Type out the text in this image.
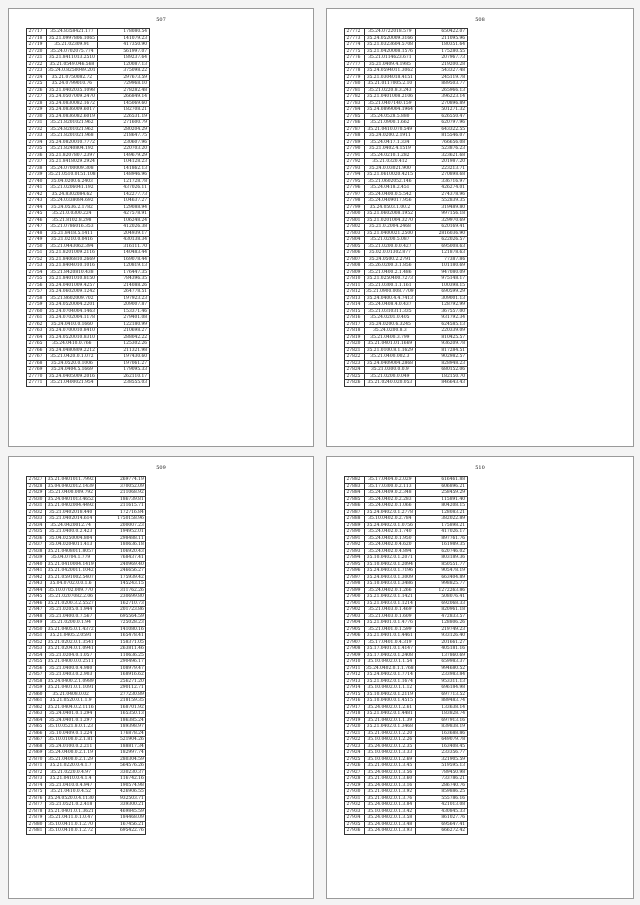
507
27717	35.24.8358421.177	178080.54
27718	35.21.0997806.1065	141079.23
27719	35.21.02309.91	417350.90
27720	35.24.0702075.774	561997.07
27721	35.21.8411013.2510	189237.64
27722	35.21.0549.046.568	120087.13
27723	35.24.0.8250049.201	375098.22
27724	35.21.0750082.72	297673.59
27725	35.24.0799010.76	729968.10
27726	35.21.0402035.1098	278282.48
27727	35.24.0507009.2470	266849.14
27728	35.24.0830082.1672	145069.60
27729	35.24.0836009.6017	182708.21
27730	35.24.0836082.6019	226531.19
27731	35.21.8201021.962	271600.79
27732	35.24.8201021.962	280204.29
27733	35.21.8201021.968	218647.75
27734	35.24.0820010.7772	230607.96
27735	35.21.8240804.192	220703.20
27736	35.21.8207807.2397	149679.29
27737	35.21.8418029.2924	104128.23
27738	35.24.0700009.308	141862.13
27739	35.21.0510.0151.108	148946.96
27740	35.04.0200.6.2403	121728.78
27741	35.21.0206041.192	437026.11
27742	35.24.8302084.62	142277.73
27743	35.24.0338084.692	104637.27
27744	35.24.0536.2.1782	129088.94
27745	35.21.0.0300.224	427578.91
27746	35.21.8102.8.298	106248.24
27747	35.21.0786016.353	412026.38
27748	35.21.8418.5.1411	204939.17
27749	35.21.0210.0.0416	430138.34
27750	35.21.0443062.394	316111.70
27751	35.21.8201009.2116	140483.44
27752	35.21.8406810.2669	169078.44
27753	35.21.8404010.1016	120819.13
27754	35.21.8420810.438	176447.35
27755	35.21.8401010.8150	784396.35
27756	35.24.0401009.4257	214088.26
27757	35.24.0602009.1242	264778.51
27758	35.21.8602009.702	197923.23
27759	35.24.0520004.2201	209007.87
27760	35.24.0704004.1463	153371.46
27761	35.24.0702004.1178	279401.08
27762	35.24.0410.0.1660	122180.99
27763	35.24.0700010.8410	210698.27
27764	35.24.0520010.8310	288042.22
27765	35.24.0410.0.766	125302.26
27766	35.24.0480809.2212	211321.98
27767	35.21.0420.0.1.072	197430.60
27768	35.24.0520.0.1006	197061.27
27769	35.24.0404.5.1669	179095.33
27770	35.24.0405009.2016	262110.17
27771	35.21.0400021.954	238555.03
508
27772	35.24.0722018.579	650422.07
27773	35.24.0520009.3166	211095.96
27774	35.21.0323604.5708	180351.64
27775	35.21.0420008.1576	175280.55
27776	35.21.0114623.671	207967.73
27777	35.21.0409.4.1985	219200.28
27778	35.24.0594011.3062	543327.48
27779	35.21.0304018.4151	245119.78
27780	35.21.0117005.2.10	889503.77
27781	35.21.0220.8.3.243	265966.13
27782	35.21.0401008.2106	396223.14
27783	35.21.0407140.159	270896.89
27784	35.24.0899004.1964	501271.32
27785	35.24.0528.5.880	626550.47
27786	35.21.0900.1.662	620797.96
27787	35.21.0410.070.549	643322.55
27788	35.24.0200.2.1911	815546.07
27789	35.24.0417.1.334	766656.08
27790	35.21.0402.4.1519	523876.23
27791	35.24.0210.1.282	323621.68
27792	35.21.0320.412	201987.20
27793	35.24.0.03021.900	223213.71
27794	35.21.0610020.4215	270898.68
27795	35.21.0602052.146	336716.97
27796	35.24.0418.2.451	426274.01
27797	35.24.0400.0.5.542	274378.96
27798	35.24.0409017.956	552839.35
27799	35.24.0503.1.00.2	319489.80
27800	35.21.0602008.1952	997156.18
27801	35.21.0201004.3270	329970.69
27802	35.21.0.2004.2468	620169.41
27803	35.21.0400021.2500	2816036.90
27804	35.21.0200.5.087	622026.57
27805	35.21.0200.0.0.427	695008.63
27806	35.02.0.01302.877	121878.63
27807	35.24.0500.2.2791	77387.86
27808	35.26.0200.3.1.856	101180.69
27809	35.21.0400.2.1.486	947080.09
27810	35.21.0250400.7273	975148.17
27811	35.21.0300.1.1.161	100398.15
27812	35.21.0900.008.7709	690599.29
27813	35.24.0400.4.4.7413	309001.13
27814	35.24.0408.4.0.437	128792.99
27815	35.21.0310311.335	367557.00
27816	35.24.0201.0.405	931792.34
27817	35.24.0200.6.3245	624585.13
27818	35.24.0200.8.3	220339.09
27819	35.21.0400.3.799	810425.57
27820	35.21.0401.01.1669	936209.78
27821	35.21.0100.8.1.1629	817284.51
27822	35.21.0400.002.3	902982.57
27823	35.24.0409004.2868	828948.23
27824	35.21.0300.0.0.9	680152.06
27825	35.21.0200.0.049	182150.70
27826	35.21.0240.020.053	846643.43
509
27827	35.21.0401011.7992	269774.19
27828	35.04.0402012.1439	370052.09
27829	35.21.0400.009.792	211068.92
27830	35.24.0401013.4652	186739.81
27831	35.21.0402004.4492	211615.71
27832	35.21.0402018.440	172716.84
27833	35.21.0402014.614	1750158.96
27834	35.24.0420012.74	200007.23
27835	35.21.0400.0.2.423	194952.01
27836	35.04.0250004.804	298488.11
27837	35.04.0204011.413	180636.18
27838	35.21.0408011.8057	106920.43
27839	35.04.0704.1.779	768437.41
27840	35.21.0410004.1419	240969.40
27841	35.21.0420011.1042	246656.27
27842	35.21.0591002.5407	175939.42
27843	35.04.0702.0.0.1.6	145243.15
27844	35.10.0702.009.770	311762.26
27845	35.21.0207082.2.06	230699.80
27846	35.21.0200.3.2.5527	162710.73
27847	35.21.0205.0.1.944	201723.86
27848	35.21.0400.0.7.567	695564.59
27849	35.21.0200.0.1.94	725028.23
27850	35.21.0405.0.1.4372	141080.16
27851	35.21.0405.2.0591	165478.41
27852	35.21.0202.0.1.3541	158371.05
27853	35.21.0204.0.1.0941	263811.46
27854	35.21.0204.0.1.057	110636.25
27855	35.21.0400.0.0.2511	290496.17
27856	35.21.0400.0.4.980	108979.47
27857	35.21.0403.0.2.903	168916.62
27858	35.24.0400.2.1.0989	256271.20
27859	35.21.0401.0.1.1091	290112.71
27860	35.21.0408.0.02	277230.89
27861	35.21.0520.0.1.1.9	218159.35
27862	35.21.0404.0.2.1116	168701.92
27863	35.24.0401.0.1.294	165350.13
27864	35.24.0401.0.1.297	186385.24
27865	35.10.0521.8.0.1.23	189398.97
27866	35.10.0409.0.1.224	176878.24
27867	35.10.0100.0.2.1.81	521904.26
27868	35.24.0100.0.2.211	188817.34
27869	35.24.0400.0.2.1.19	182997.74
27870	35.21.0400.0.2.1.29	280304.59
27871	35.21.0220.0.4.1.7	564576.26
27872	35.21.0220.0.4.97	330230.37
27873	35.21.0410.0.4.1.4	116742.16
27874	35.21.0410.0.4.947	190574.98
27875	35.21.0410.0.4.52	426906.55
27876	35.24.0520.0.4.1130	932503.71
27877	35.21.0521.0.2.418	339300.21
27878	35.21.0401.0.1.3621	469845.59
27879	35.21.0411.0.1.0.47	184468.09
27880	35.10.0411.0.1.2.70	167456.21
27881	35.10.0410.0.1.2.72	695422.76
510
27882	35.17.0404.0.2.029	616461.88
27883	35.17.0300.0.2.113	606896.21
27884	35.24.0409.0.2.348	258459.29
27885	35.24.0402.0.2.283	115891.40
27886	35.24.0402.0.1.066	804208.15
27887	35.24.0402.0.1.2778	128083.21
27888	35.10.0402.0.2.784	382022.89
27889	35.24.0402.0.1.0756	175898.21
27890	35.24.0402.0.1.740	417026.17
27891	35.24.0402.0.1.950	897761.76
27892	35.24.0402.0.4.620	161989.35
27893	35.24.0402.0.4.894	620746.02
27894	35.10.0402.0.1.2071	803189.36
27895	35.10.0402.0.1.2094	850551.77
27896	35.24.0403.0.1.7196	905478.19
27897	35.24.0403.0.1.3009	663404.89
27898	35.10.0403.0.1.3486	998825.77
27899	35.24.0402.0.1.266	1272263.86
27900	35.21.0402.0.1.1421	508076.41
27901	35.21.0403.0.1.1214	692068.33
27902	35.21.0403.0.1.469	820961.18
27903	35.21.0403.0.1.609	472833.57
27904	35.21.0401.0.1.4776	128806.26
27905	35.21.0401.0.1.599	219749.23
27906	35.21.0401.0.1.4461	933126.40
27907	35.17.0401.0.4.319	201661.27
27908	35.17.0401.0.1.4147	405181.16
27909	35.17.0402.0.1.2408	137860.69
27910	35.10.0402.0.1.1.54	659983.37
27911	35.24.0402.0.1.1.768	994680.52
27912	35.24.0402.0.1.7714	233983.84
27913	35.21.0402.0.1.1674	953311.13
27914	35.10.0402.0.1.1.12	696184.98
27915	35.10.0402.0.1.2119	697713.52
27916	35.10.0400.0.1.4515	889483.74
27917	35.24.0402.0.1.2.61	133638.14
27918	35.21.0402.0.1.4481	183828.74
27919	35.21.0402.0.1.1.39	697913.16
27920	35.21.0402.0.1.3468	839838.19
27921	35.21.0402.0.1.2.20	163688.86
27922	35.10.0402.0.1.2.26	649079.78
27923	35.24.0402.0.1.2.35	163408.45
27924	35.10.0402.0.1.3.33	233356.77
27925	35.10.0402.0.1.2.69	321905.59
27926	35.21.0402.0.1.3.45	519595.13
27927	35.24.0402.0.1.3.56	789450.98
27928	35.21.0402.0.1.3.60	733786.21
27929	35.24.0402.0.1.3.16	286740.76
27930	35.21.0402.0.1.3.92	859886.25
27931	35.21.0402.0.1.3.76	555786.16
27932	35.24.0402.0.1.3.84	421013.08
27933	35.10.0402.0.1.3.42	430845.33
27934	35.24.0402.0.1.3.58	861027.76
27935	35.24.0402.0.1.3.48	695647.41
27936	35.24.0402.0.1.3.93	666272.42
